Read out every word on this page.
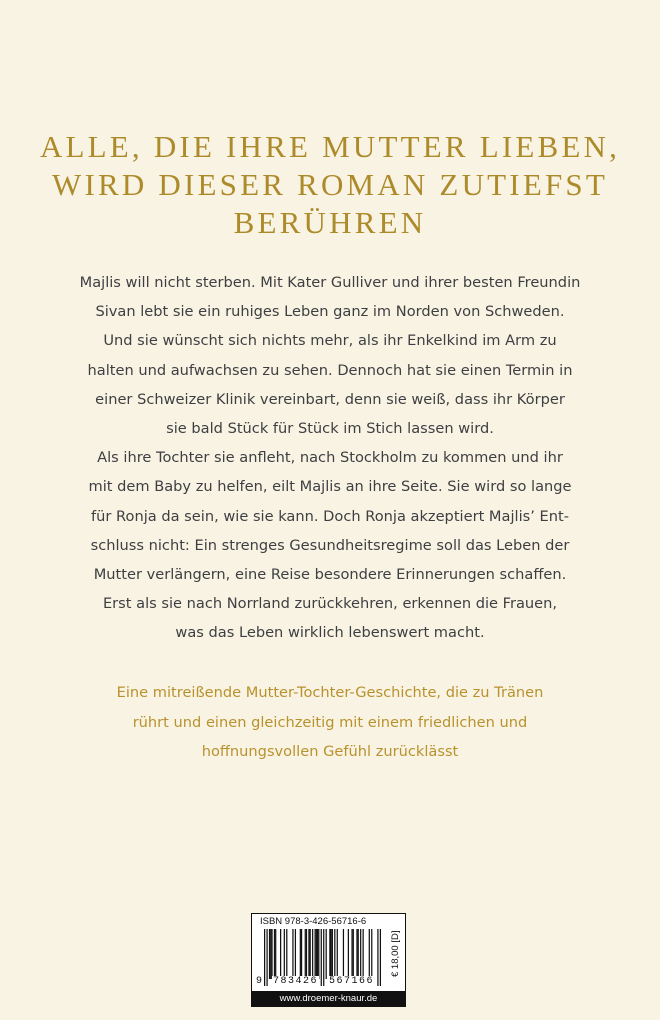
ALLE, DIE IHRE MUTTER LIEBEN,
WIRD DIESER ROMAN ZUTIEFST
BERÜHREN
Majlis will nicht sterben. Mit Kater Gulliver und ihrer besten Freundin
Sivan lebt sie ein ruhiges Leben ganz im Norden von Schweden.
Und sie wünscht sich nichts mehr, als ihr Enkelkind im Arm zu
halten und aufwachsen zu sehen. Dennoch hat sie einen Termin in
einer Schweizer Klinik vereinbart, denn sie weiß, dass ihr Körper
sie bald Stück für Stück im Stich lassen wird.
Als ihre Tochter sie anfleht, nach Stockholm zu kommen und ihr
mit dem Baby zu helfen, eilt Majlis an ihre Seite. Sie wird so lange
für Ronja da sein, wie sie kann. Doch Ronja akzeptiert Majlis’ Ent-
schluss nicht: Ein strenges Gesundheitsregime soll das Leben der
Mutter verlängern, eine Reise besondere Erinnerungen schaffen.
Erst als sie nach Norrland zurückkehren, erkennen die Frauen,
was das Leben wirklich lebenswert macht.
Eine mitreißende Mutter-Tochter-Geschichte, die zu Tränen
rührt und einen gleichzeitig mit einem friedlichen und
hoffnungsvollen Gefühl zurücklässt
ISBN 978-3-426-56716-6
9 783426 567166
€ 18,00 [D]
www.droemer-knaur.de
